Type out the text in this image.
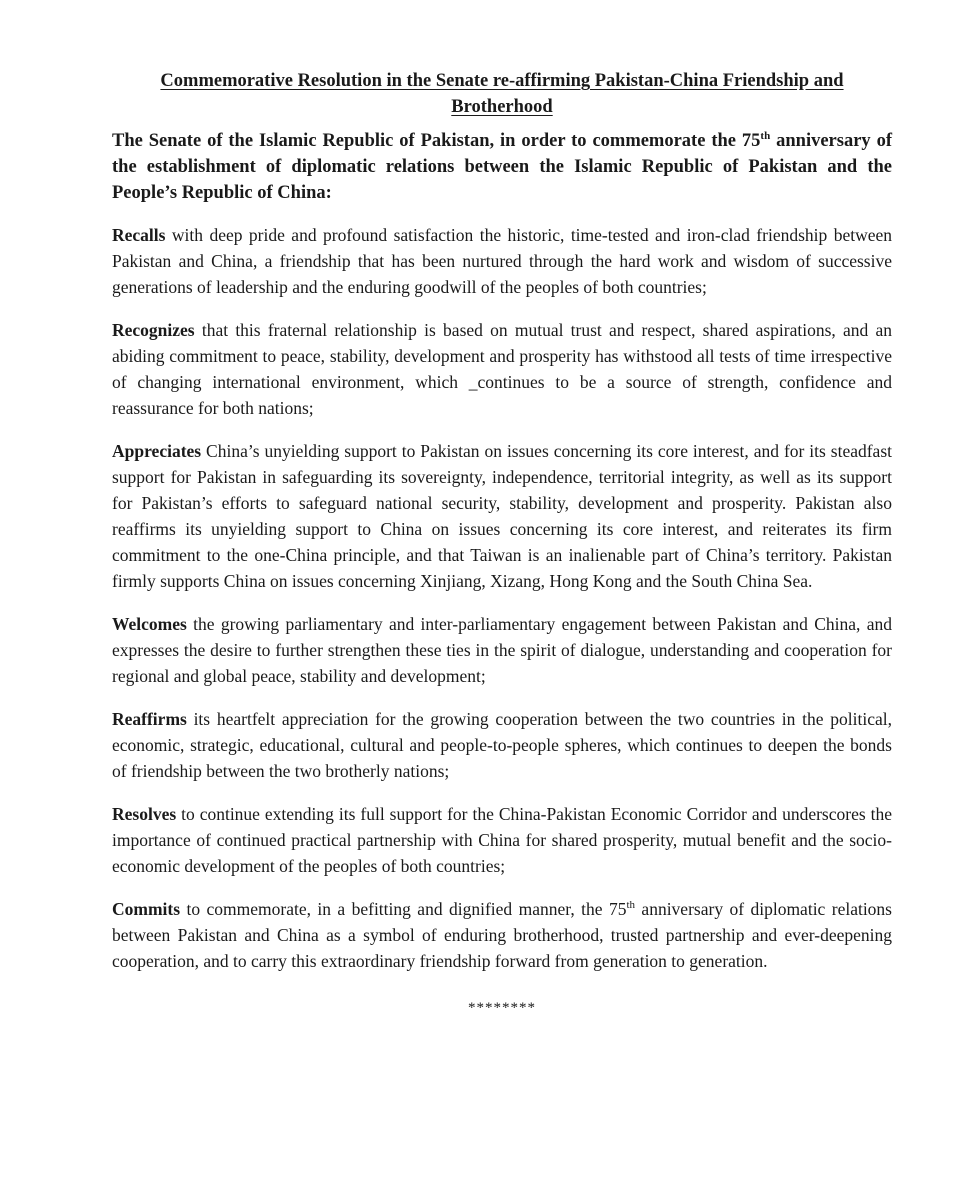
Commemorative Resolution in the Senate re-affirming Pakistan-China Friendship and Brotherhood
The Senate of the Islamic Republic of Pakistan, in order to commemorate the 75th anniversary of the establishment of diplomatic relations between the Islamic Republic of Pakistan and the People’s Republic of China:

Recalls with deep pride and profound satisfaction the historic, time-tested and iron-clad friendship between Pakistan and China, a friendship that has been nurtured through the hard work and wisdom of successive generations of leadership and the enduring goodwill of the peoples of both countries;

Recognizes that this fraternal relationship is based on mutual trust and respect, shared aspirations, and an abiding commitment to peace, stability, development and prosperity has withstood all tests of time irrespective of changing international environment, which _continues to be a source of strength, confidence and reassurance for both nations;

Appreciates China’s unyielding support to Pakistan on issues concerning its core interest, and for its steadfast support for Pakistan in safeguarding its sovereignty, independence, territorial integrity, as well as its support for Pakistan’s efforts to safeguard national security, stability, development and prosperity. Pakistan also reaffirms its unyielding support to China on issues concerning its core interest, and reiterates its firm commitment to the one-China principle, and that Taiwan is an inalienable part of China’s territory. Pakistan firmly supports China on issues concerning Xinjiang, Xizang, Hong Kong and the South China Sea.

Welcomes the growing parliamentary and inter-parliamentary engagement between Pakistan and China, and expresses the desire to further strengthen these ties in the spirit of dialogue, understanding and cooperation for regional and global peace, stability and development;

Reaffirms its heartfelt appreciation for the growing cooperation between the two countries in the political, economic, strategic, educational, cultural and people-to-people spheres, which continues to deepen the bonds of friendship between the two brotherly nations;

Resolves to continue extending its full support for the China-Pakistan Economic Corridor and underscores the importance of continued practical partnership with China for shared prosperity, mutual benefit and the socio-economic development of the peoples of both countries;

Commits to commemorate, in a befitting and dignified manner, the 75th anniversary of diplomatic relations between Pakistan and China as a symbol of enduring brotherhood, trusted partnership and ever-deepening cooperation, and to carry this extraordinary friendship forward from generation to generation.

********
